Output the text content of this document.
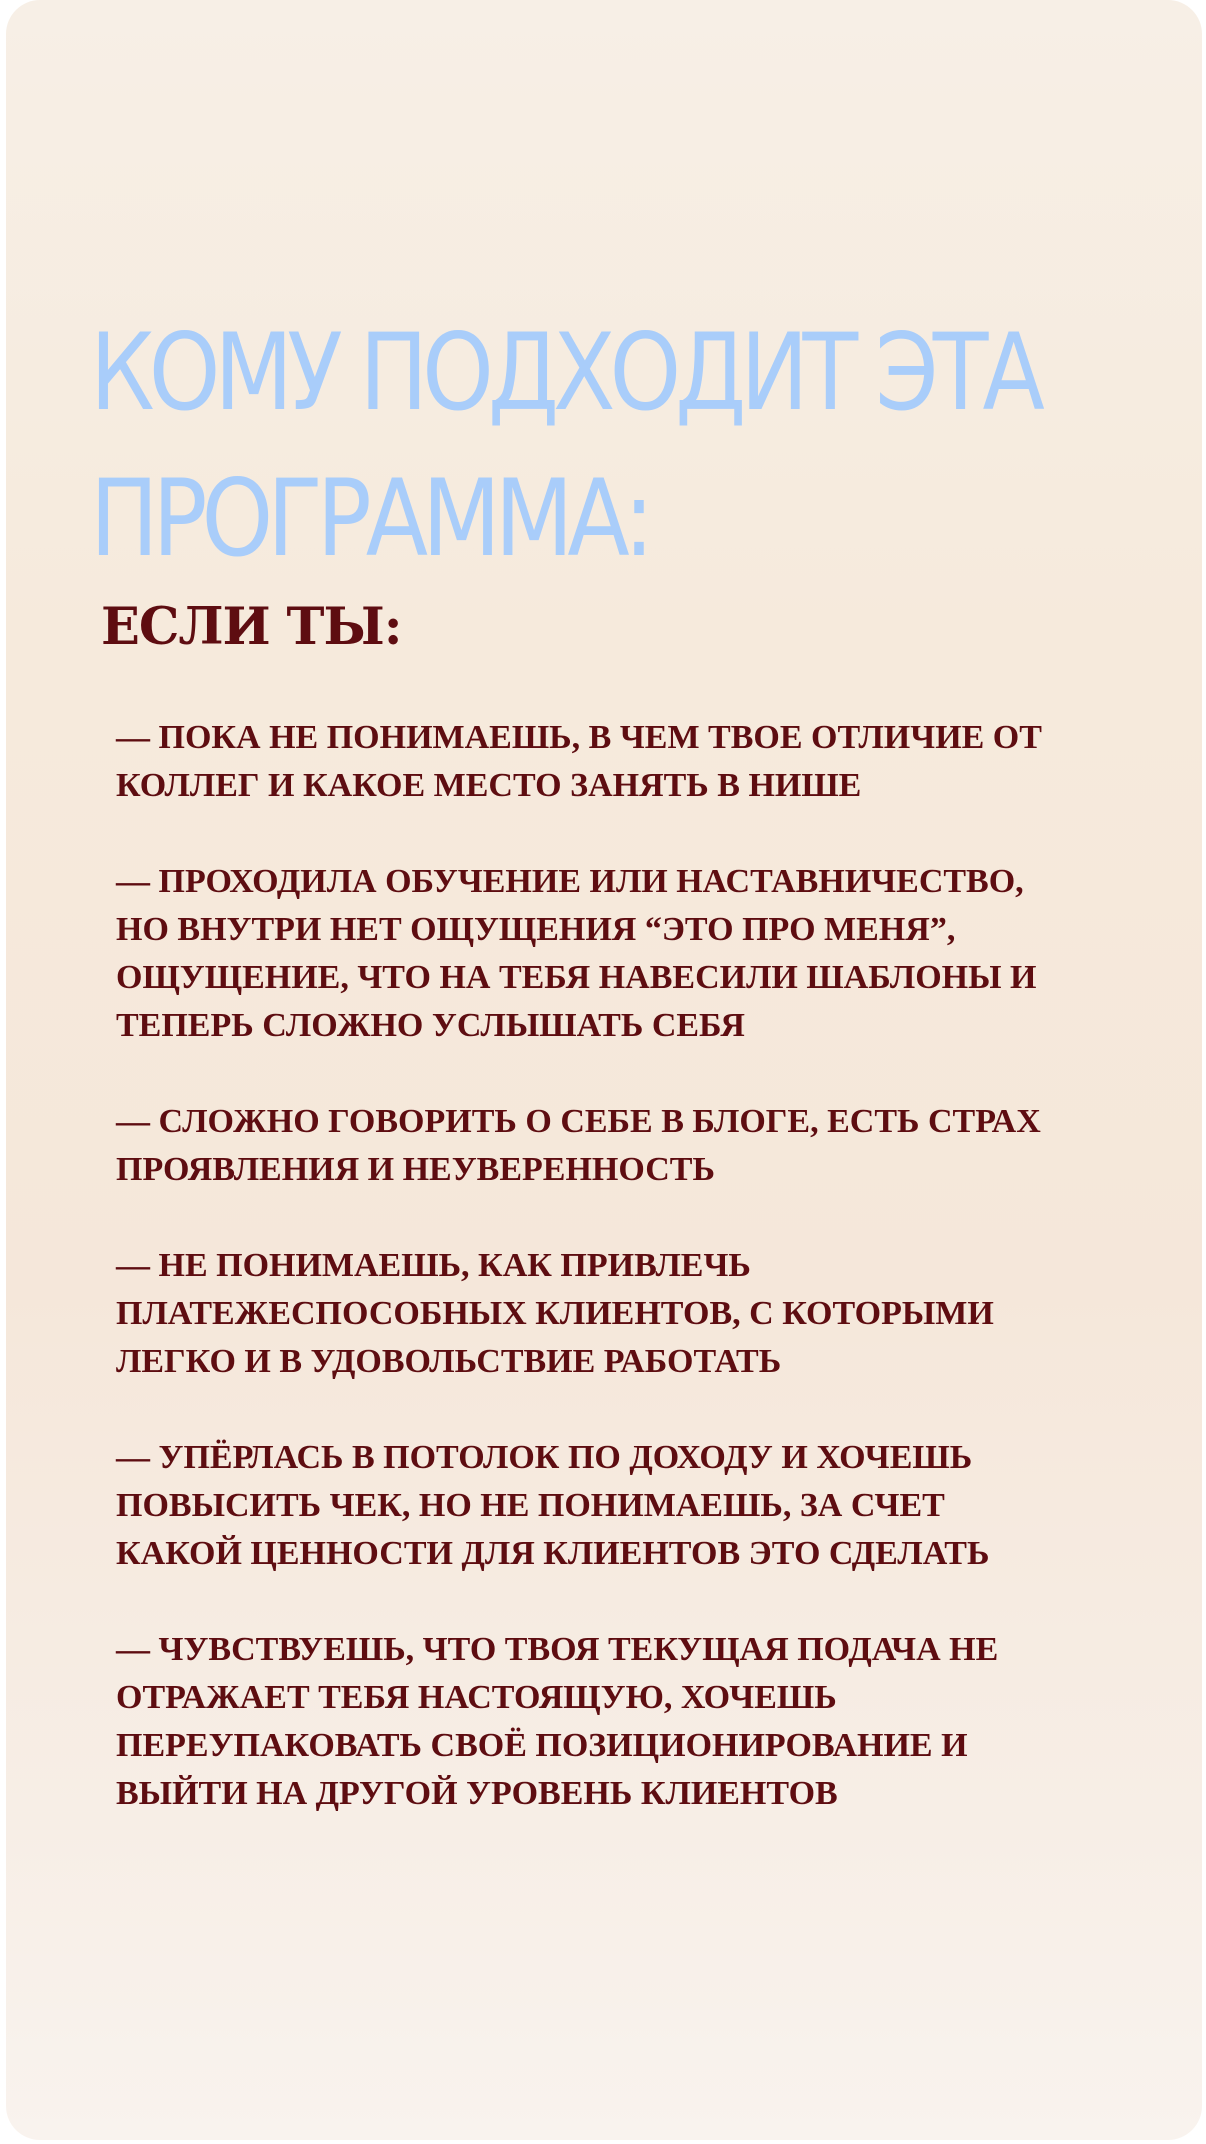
КОМУ ПОДХОДИТ ЭТА
ПРОГРАММА:
ЕСЛИ ТЫ:
— ПОКА НЕ ПОНИМАЕШЬ, В ЧЕМ ТВОЕ ОТЛИЧИЕ ОТ
КОЛЛЕГ И КАКОЕ МЕСТО ЗАНЯТЬ В НИШЕ
— ПРОХОДИЛА ОБУЧЕНИЕ ИЛИ НАСТАВНИЧЕСТВО,
НО ВНУТРИ НЕТ ОЩУЩЕНИЯ “ЭТО ПРО МЕНЯ”,
ОЩУЩЕНИЕ, ЧТО НА ТЕБЯ НАВЕСИЛИ ШАБЛОНЫ И
ТЕПЕРЬ СЛОЖНО УСЛЫШАТЬ СЕБЯ
— СЛОЖНО ГОВОРИТЬ О СЕБЕ В БЛОГЕ, ЕСТЬ СТРАХ
ПРОЯВЛЕНИЯ И НЕУВЕРЕННОСТЬ
— НЕ ПОНИМАЕШЬ, КАК ПРИВЛЕЧЬ
ПЛАТЕЖЕСПОСОБНЫХ КЛИЕНТОВ, С КОТОРЫМИ
ЛЕГКО И В УДОВОЛЬСТВИЕ РАБОТАТЬ
— УПЁРЛАСЬ В ПОТОЛОК ПО ДОХОДУ И ХОЧЕШЬ
ПОВЫСИТЬ ЧЕК, НО НЕ ПОНИМАЕШЬ, ЗА СЧЕТ
КАКОЙ ЦЕННОСТИ ДЛЯ КЛИЕНТОВ ЭТО СДЕЛАТЬ
— ЧУВСТВУЕШЬ, ЧТО ТВОЯ ТЕКУЩАЯ ПОДАЧА НЕ
ОТРАЖАЕТ ТЕБЯ НАСТОЯЩУЮ, ХОЧЕШЬ
ПЕРЕУПАКОВАТЬ СВОЁ ПОЗИЦИОНИРОВАНИЕ И
ВЫЙТИ НА ДРУГОЙ УРОВЕНЬ КЛИЕНТОВ
